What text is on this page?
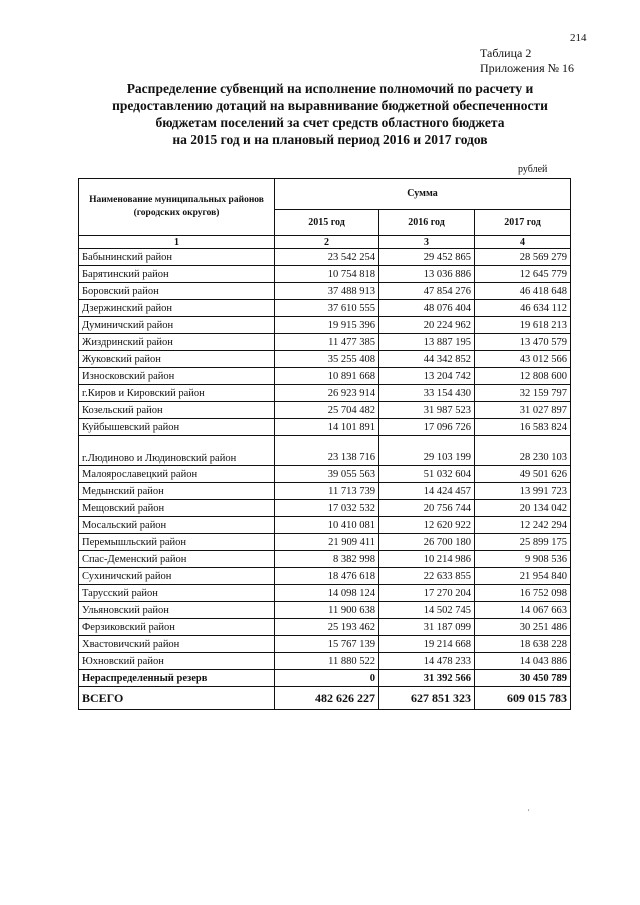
214
Таблица 2
Приложения № 16
Распределение субвенций на исполнение полномочий по расчету и
предоставлению дотаций на выравнивание бюджетной обеспеченности
бюджетам поселений за счет средств областного бюджета
на 2015 год и на плановый период 2016 и 2017 годов
рублей
Наименование муниципальных районов (городских округов)	Сумма		
	2015 год	2016 год	2017 год
1	2	3	4
Бабынинский район	23 542 254	29 452 865	28 569 279
Барятинский район	10 754 818	13 036 886	12 645 779
Боровский район	37 488 913	47 854 276	46 418 648
Дзержинский район	37 610 555	48 076 404	46 634 112
Думиничский район	19 915 396	20 224 962	19 618 213
Жиздринский район	11 477 385	13 887 195	13 470 579
Жуковский район	35 255 408	44 342 852	43 012 566
Износковский район	10 891 668	13 204 742	12 808 600
г.Киров и Кировский район	26 923 914	33 154 430	32 159 797
Козельский район	25 704 482	31 987 523	31 027 897
Куйбышевский район	14 101 891	17 096 726	16 583 824
г.Людиново и Людиновский район	23 138 716	29 103 199	28 230 103
Малоярославецкий район	39 055 563	51 032 604	49 501 626
Медынский район	11 713 739	14 424 457	13 991 723
Мещовский район	17 032 532	20 756 744	20 134 042
Мосальский район	10 410 081	12 620 922	12 242 294
Перемышльский район	21 909 411	26 700 180	25 899 175
Спас-Деменский район	8 382 998	10 214 986	9 908 536
Сухиничский район	18 476 618	22 633 855	21 954 840
Тарусский район	14 098 124	17 270 204	16 752 098
Ульяновский район	11 900 638	14 502 745	14 067 663
Ферзиковский район	25 193 462	31 187 099	30 251 486
Хвастовичский район	15 767 139	19 214 668	18 638 228
Юхновский район	11 880 522	14 478 233	14 043 886
Нераспределенный резерв	0	31 392 566	30 450 789
ВСЕГО	482 626 227	627 851 323	609 015 783
,
